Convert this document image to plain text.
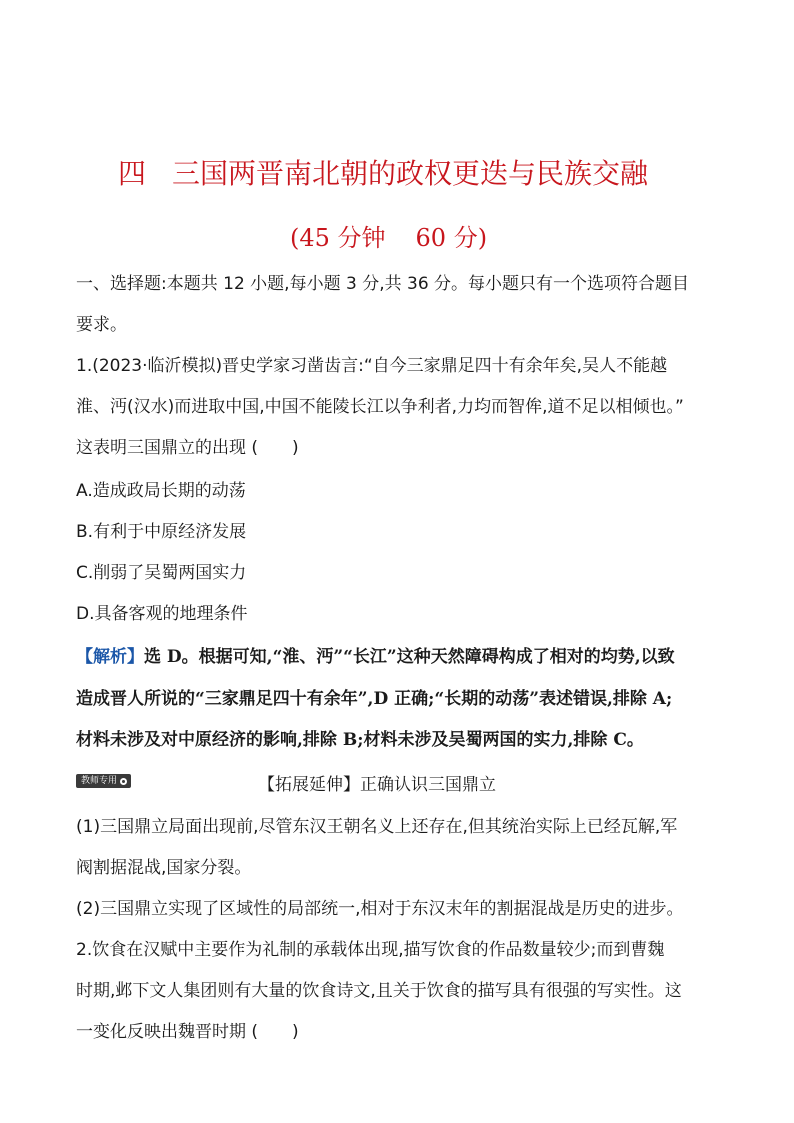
四 三国两晋南北朝的政权更迭与民族交融
(45 分钟 60 分)
一、选择题:本题共 12 小题,每小题 3 分,共 36 分。每小题只有一个选项符合题目
要求。
1.(2023·临沂模拟)晋史学家习凿齿言:“自今三家鼎足四十有余年矣,吴人不能越
淮、沔(汉水)而进取中国,中国不能陵长江以争利者,力均而智侔,道不足以相倾也。”
这表明三国鼎立的出现 (　　)
A.造成政局长期的动荡
B.有利于中原经济发展
C.削弱了吴蜀两国实力
D.具备客观的地理条件
【解析】选 D。根据可知,“淮、沔”“长江”这种天然障碍构成了相对的均势,以致
造成晋人所说的“三家鼎足四十有余年”,D 正确;“长期的动荡”表述错误,排除 A;
材料未涉及对中原经济的影响,排除 B;材料未涉及吴蜀两国的实力,排除 C。
教师专用	【拓展延伸】正确认识三国鼎立
(1)三国鼎立局面出现前,尽管东汉王朝名义上还存在,但其统治实际上已经瓦解,军
阀割据混战,国家分裂。
(2)三国鼎立实现了区域性的局部统一,相对于东汉末年的割据混战是历史的进步。
2.饮食在汉赋中主要作为礼制的承载体出现,描写饮食的作品数量较少;而到曹魏
时期,邺下文人集团则有大量的饮食诗文,且关于饮食的描写具有很强的写实性。这
一变化反映出魏晋时期 (　　)
